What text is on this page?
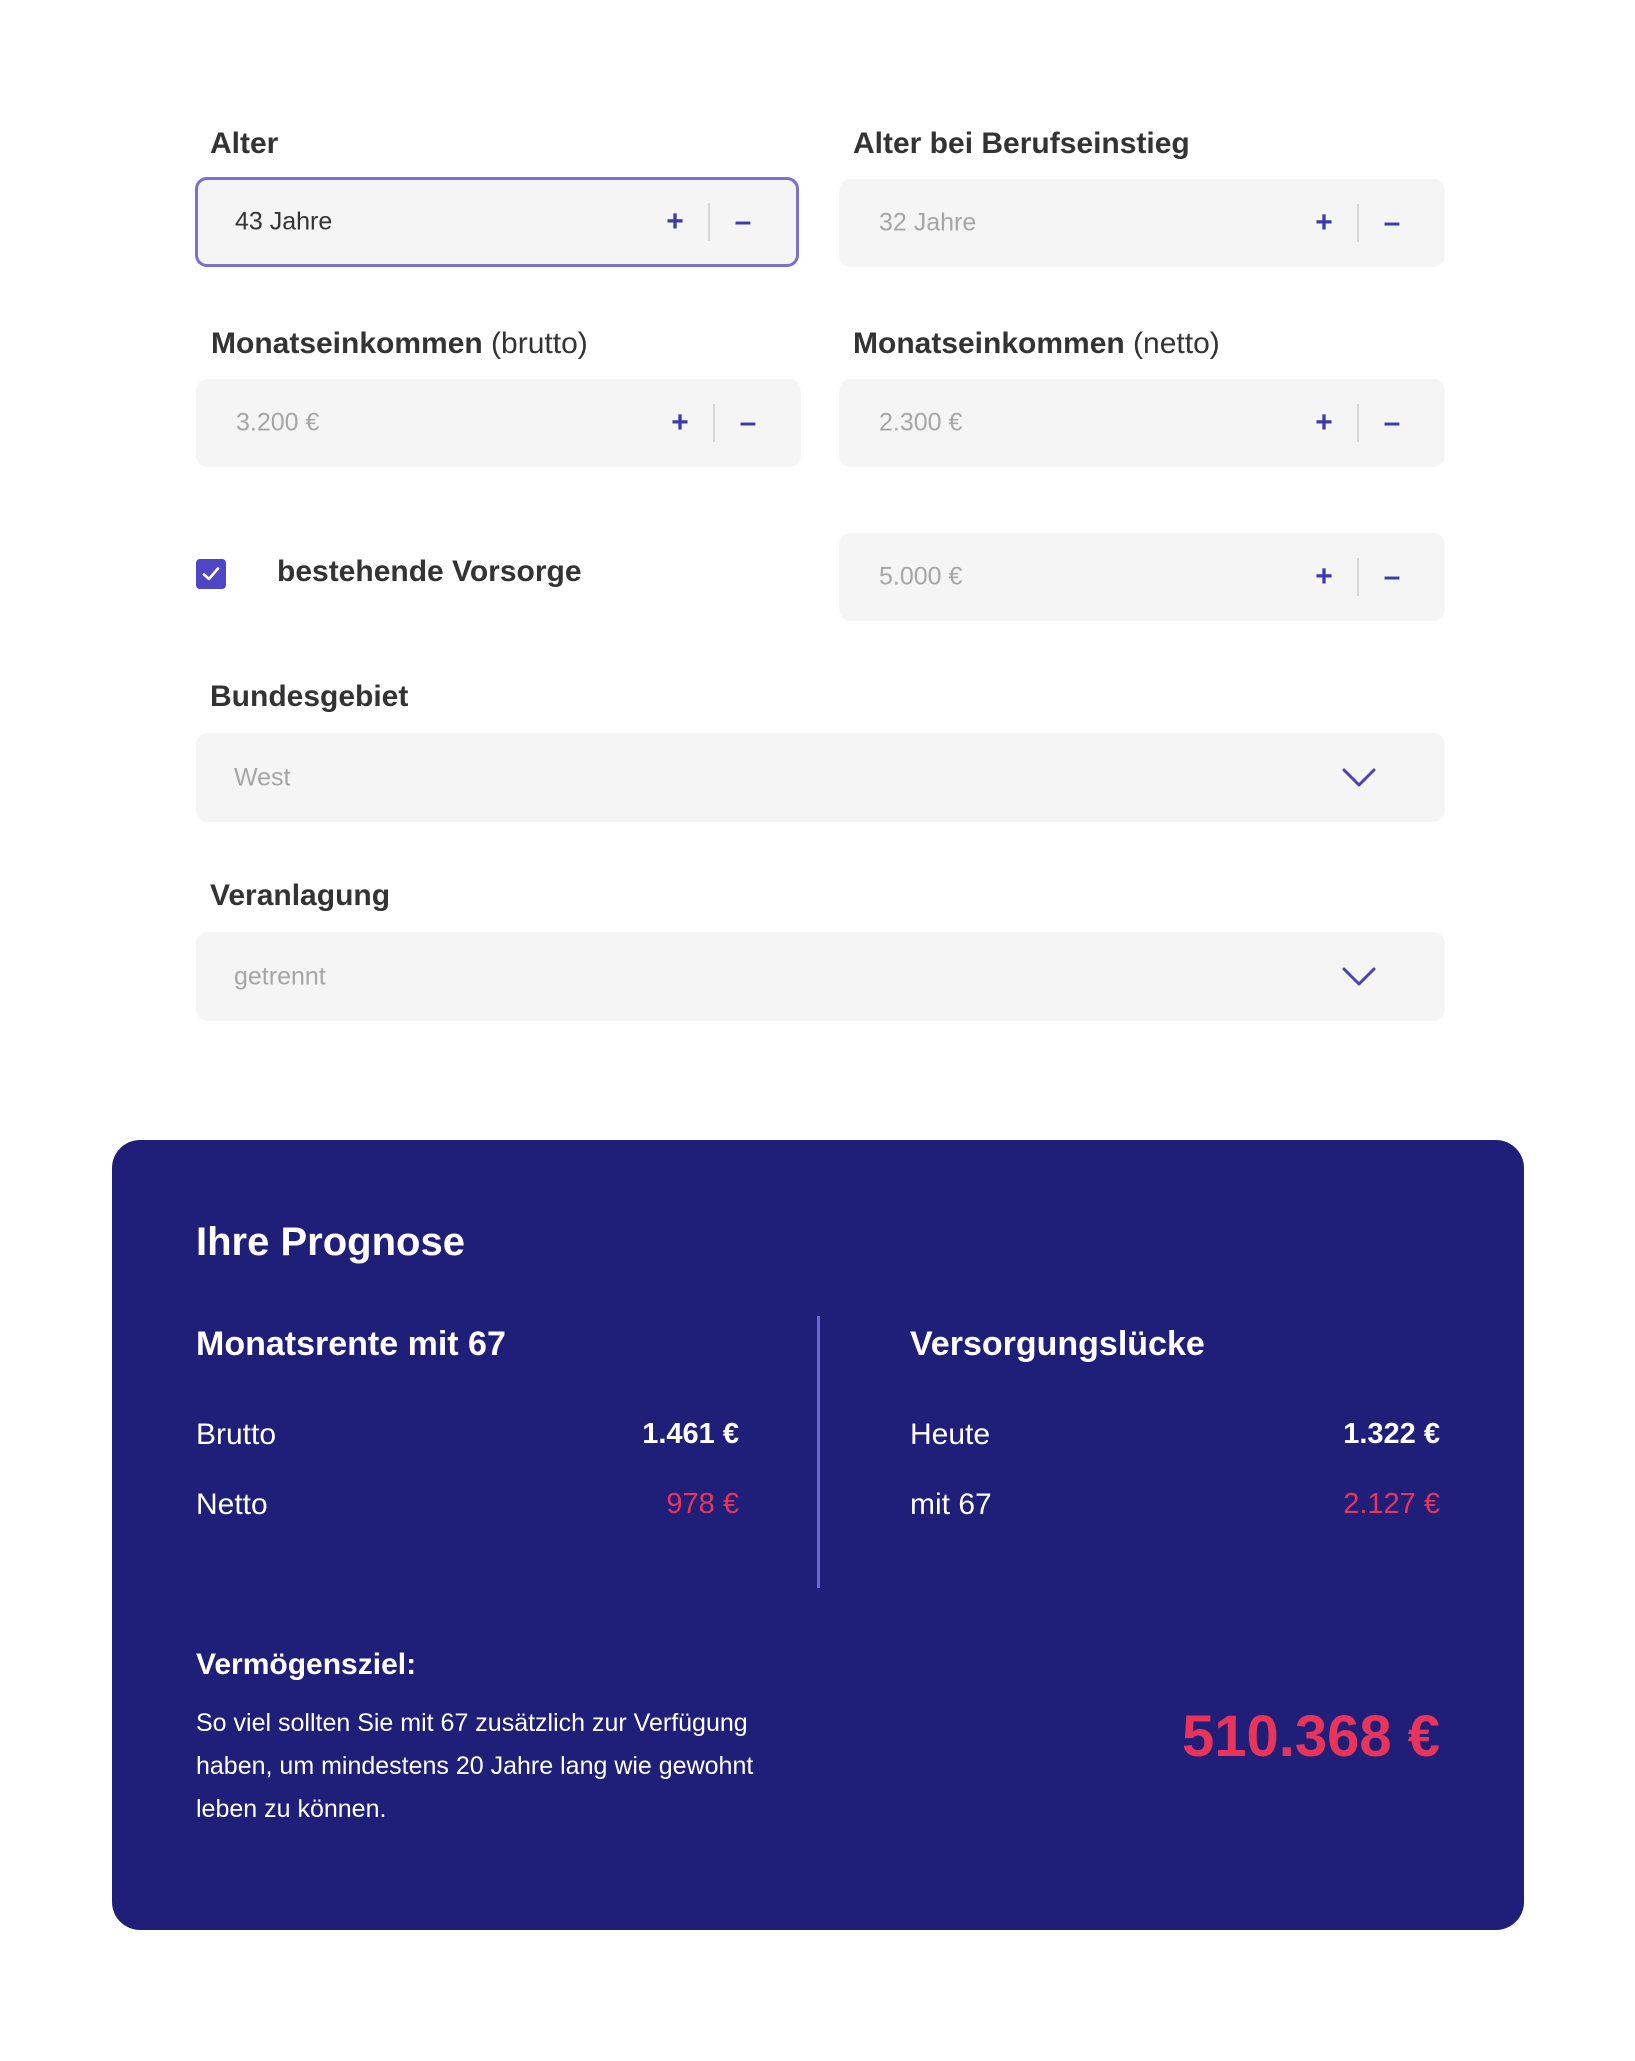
Alter
43 Jahre	+ –
Alter bei Berufseinstieg
32 Jahre	+ –
Monatseinkommen (brutto)
3.200 €	+ –
Monatseinkommen (netto)
2.300 €	+ –
bestehende Vorsorge	5.000 €	+ –
Bundesgebiet
West
Veranlagung
getrennt
Ihre Prognose
Monatsrente mit 67
Brutto	1.461 €
Netto	978 €
Versorgungslücke
Heute	1.322 €
mit 67	2.127 €
Vermögensziel:
So viel sollten Sie mit 67 zusätzlich zur Verfügung haben, um mindestens 20 Jahre lang wie gewohnt leben zu können.
510.368 €
